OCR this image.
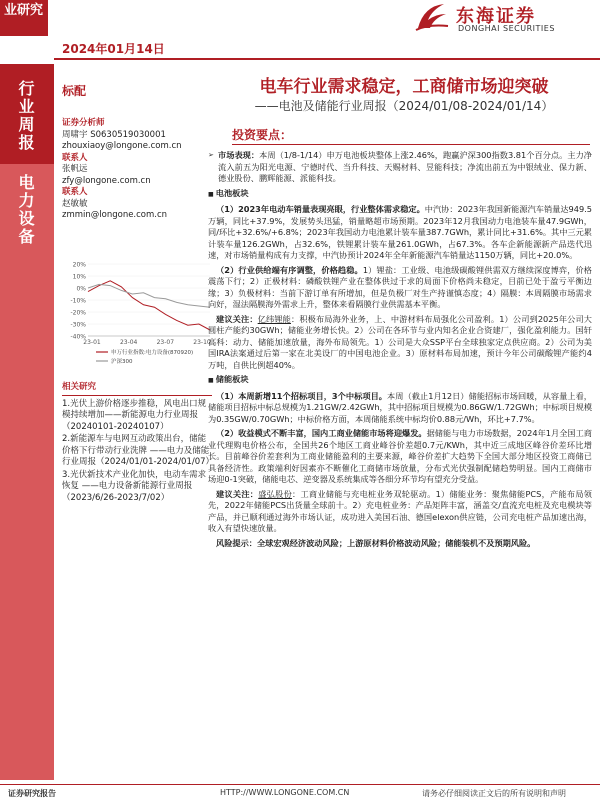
业研究
2024年01月14日
东海证券
DONGHAI SECURITIES
行业周报
电力设备
标配
证券分析师
周啸宇 S0630519030001
zhouxiaoy@longone.com.cn
联系人
张帆远
zfy@longone.com.cn
联系人
赵敏敏
zmmin@longone.com.cn
20%
10%
0%
-10%
-20%
-30%
-40%
23-01	23-04	23-07	23-10
申万行业指数:电力设备(870920)
沪深300
相关研究

1.光伏上游价格逐步推稳，风电出口规模持续增加——新能源电力行业周报（20240101-20240107）

2.新能源车与电网互动政策出台，储能价格下行带动行业洗牌 ——电力及储能行业周报（2024/01/01-2024/01/07）

3.光伏新技术产业化加快，电动车需求恢复 ——电力设备新能源行业周报（2023/6/26-2023/7/02）

电车行业需求稳定，工商储市场迎突破
——电池及储能行业周报（2024/01/08-2024/01/14）
投资要点：

➢ 市场表现：本周（1/8-1/14）申万电池板块整体上涨2.46%，跑赢沪深300指数3.81个百分点。主力净流入前五为阳光电源、宁德时代、当升科技、天赐材料、昱能科技；净流出前五为中银绒业、保力新、德业股份、鹏辉能源、派能科技。

■ 电池板块

（1）2023年电动车销量表现亮眼，行业整体需求稳定。中汽协：2023年我国新能源汽车销量达949.5万辆，同比+37.9%，发展势头迅猛，销量略超市场预期。2023年12月我国动力电池装车量47.9GWh，同/环比+32.6%/+6.8%；2023年我国动力电池累计装车量387.7GWh，累计同比+31.6%。其中三元累计装车量126.2GWh，占32.6%，铁锂累计装车量261.0GWh，占67.3%。各车企新能源新产品迭代迅速，对市场销量构成有力支撑，中汽协预计2024年全年新能源汽车销量达1150万辆，同比+20.0%。

（2）行业供给端有序调整，价格趋稳。1）锂盐：工业级、电池级碳酸锂供需双方继续深度博弈，价格震荡下行；2）正极材料：磷酸铁锂产业在整体供过于求的局面下价格尚未稳定，目前已处于盈亏平衡边缘；3）负极材料：当前下游订单有所增加，但是负极厂对生产持谨慎态度；4）隔膜：本周隔膜市场需求向好，湿法隔膜海外需求上升，整体来看隔膜行业供需基本平衡。

建议关注：亿纬锂能：积极布局海外业务，上、中游材料布局强化公司盈利。1）公司到2025年公司大圆柱产能约30GWh；储能业务增长快。2）公司在各环节与业内知名企业合资建厂，强化盈利能力。国轩高科：动力、储能加速放量，海外布局领先。1）公司是大众SSP平台全球独家定点供应商。2）公司为美国IRA法案通过后第一家在北美设厂的中国电池企业。3）原材料布局加速，预计今年公司碳酸锂产能约4万吨，自供比例超40%。

■ 储能板块

（1）本周新增11个招标项目，3个中标项目。本周（截止1月12日）储能招标市场回暖，从容量上看，储能项目招标中标总规模为1.21GW/2.42GWh，其中招标项目规模为0.86GW/1.72GWh；中标项目规模为0.35GW/0.70GWh；中标价格方面，本周储能系统中标均价0.88元/Wh，环比+7.7%。

（2）收益模式不断丰富，国内工商业储能市场将迎爆发。据储能与电力市场数据，2024年1月全国工商业代理购电价格公布，全国共26个地区工商业峰谷价差超0.7元/KWh，其中近三成地区峰谷价差环比增长。目前峰谷价差套利为工商业储能盈利的主要来源，峰谷价差扩大趋势下全国大部分地区投资工商储已具备经济性。政策端利好因素亦不断催化工商储市场放量，分布式光伏强制配储趋势明显。国内工商储市场迎0-1突破，储能电芯、逆变器及系统集成等各细分环节均有望充分受益。

建议关注：盛弘股份：工商业储能与充电桩业务双轮驱动。1）储能业务：聚焦储能PCS，产能布局领先，2022年储能PCS出货量全球前十。2）充电桩业务：产品矩阵丰富，涵盖交/直流充电桩及充电模块等产品，并已顺利通过海外市场认证，成功进入美国石油、德国elexon供应链，公司充电桩产品加速出海，收入有望快速放量。

风险提示：全球宏观经济波动风险；上游原材料价格波动风险；储能装机不及预期风险。

证券研究报告	HTTP://WWW.LONGONE.COM.CN	请务必仔细阅读正文后的所有说明和声明
